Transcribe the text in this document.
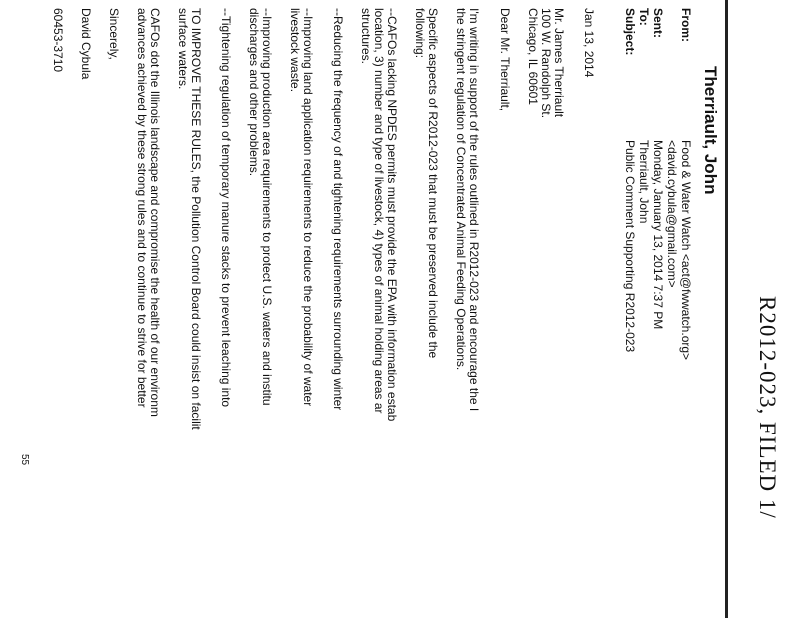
R2012-023, FILED 1/
Therriault, John
From:
Food & Water Watch <act@fwwatch.org>
<david.cybula@gmail.com>
Sent:
Monday, January 13, 2014 7:37 PM
To:
Therriault, John
Subject:
Public Comment Supporting R2012-023
Jan 13, 2014
Mr. James Therriault
100 W. Randolph St.
Chicago, IL 60601
Dear Mr. Therriault,
I'm writing in support of the rules outlined in R2012-023 and encourage the I
the stringent regulation of Concentrated Animal Feeding Operations.
Specific aspects of R2012-023 that must be preserved include the
following:
--CAFOs lacking NPDES permits must provide the EPA with information estab
location, 3) number and type of livestock, 4) types of animal holding areas ar
structures.
--Reducing the frequency of and tightening requirements surrounding winter
--Improving land application requirements to reduce the probability of water
livestock waste.
--Improving production area requirements to protect U.S. waters and institu
discharges and other problems.
--Tightening regulation of temporary manure stacks to prevent leaching into
TO IMPROVE THESE RULES, the Pollution Control Board could insist on facilit
surface waters.
CAFOs dot the Illinois landscape and compromise the health of our environm
advances achieved by these strong rules and to continue to strive for better
Sincerely,
David Cybula
60453-3710
55
